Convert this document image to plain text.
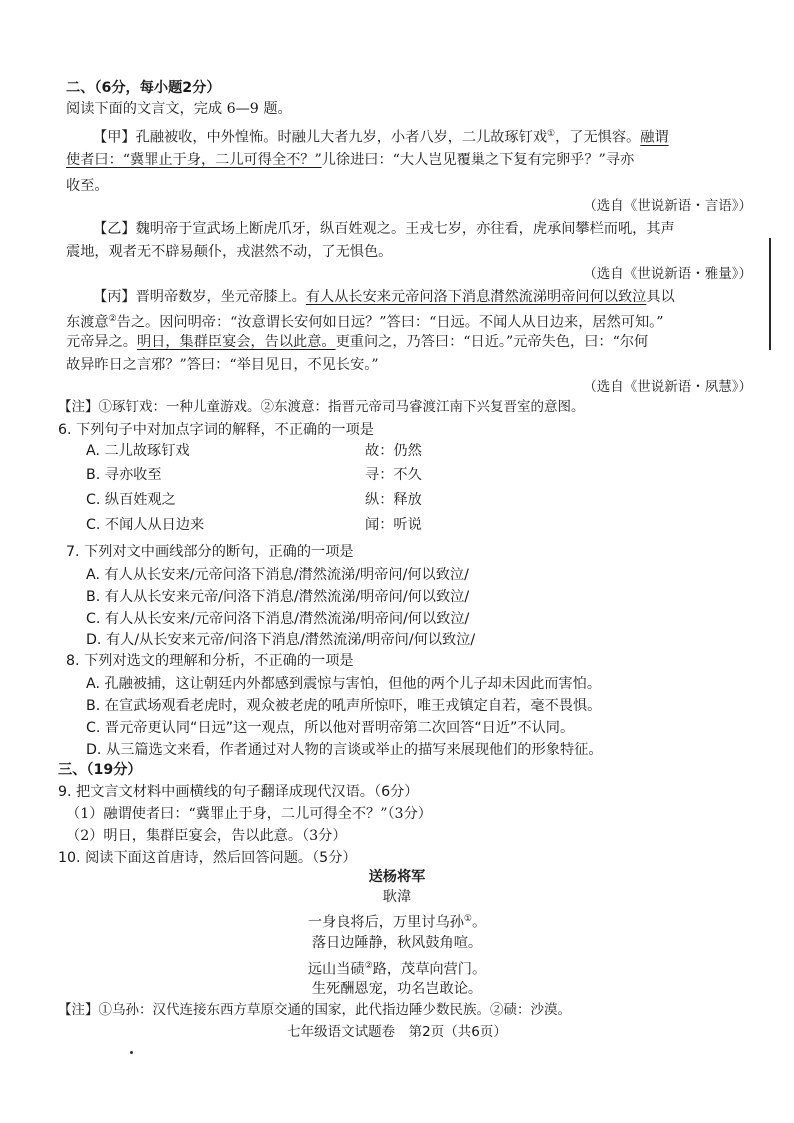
二、（6分，每小题2分）
阅读下面的文言文，完成 6—9 题。
【甲】孔融被收，中外惶怖。时融儿大者九岁，小者八岁，二儿故琢钉戏①，了无惧容。融谓
使者曰：“冀罪止于身，二儿可得全不？”儿徐进曰：“大人岂见覆巢之下复有完卵乎？”寻亦
收至。
（选自《世说新语・言语》）
【乙】魏明帝于宣武场上断虎爪牙，纵百姓观之。王戎七岁，亦往看，虎承间攀栏而吼，其声
震地，观者无不辟易颠仆，戎湛然不动，了无惧色。
（选自《世说新语・雅量》）
【丙】晋明帝数岁，坐元帝膝上。有人从长安来元帝问洛下消息潸然流涕明帝问何以致泣具以
东渡意②告之。因问明帝：“汝意谓长安何如日远？”答曰：“日远。不闻人从日边来，居然可知。”
元帝异之。明日，集群臣宴会，告以此意。更重问之，乃答曰：“日近。”元帝失色，曰：“尔何
故异昨日之言邪？”答曰：“举目见日，不见长安。”
（选自《世说新语・夙慧》）
【注】①琢钉戏：一种儿童游戏。②东渡意：指晋元帝司马睿渡江南下兴复晋室的意图。
6. 下列句子中对加点字词的解释，不正确的一项是
A. 二儿故琢钉戏	故：仍然
B. 寻亦收至	寻：不久
C. 纵百姓观之	纵：释放
C. 不闻人从日边来	闻：听说
7. 下列对文中画线部分的断句，正确的一项是
A. 有人从长安来/元帝问洛下消息/潸然流涕/明帝问/何以致泣/
B. 有人从长安来元帝/问洛下消息/潸然流涕/明帝问/何以致泣/
C. 有人从长安来/元帝问洛下消息/潸然流涕/明帝问/何以致泣/
D. 有人/从长安来元帝/问洛下消息/潸然流涕/明帝问/何以致泣/
8. 下列对选文的理解和分析，不正确的一项是
A. 孔融被捕，这让朝廷内外都感到震惊与害怕，但他的两个儿子却未因此而害怕。
B. 在宣武场观看老虎时，观众被老虎的吼声所惊吓，唯王戎镇定自若，毫不畏惧。
C. 晋元帝更认同“日远”这一观点，所以他对晋明帝第二次回答“日近”不认同。
D. 从三篇选文来看，作者通过对人物的言谈或举止的描写来展现他们的形象特征。
三、（19分）
9. 把文言文材料中画横线的句子翻译成现代汉语。（6分）
（1）融谓使者曰：“冀罪止于身，二儿可得全不？”（3分）
（2）明日，集群臣宴会，告以此意。（3分）
10. 阅读下面这首唐诗，然后回答问题。（5分）
送杨将军
耿湋
一身良将后，万里讨乌孙①。
落日边陲静，秋风鼓角喧。
远山当碛②路，茂草向营门。
生死酬恩宠，功名岂敢论。
【注】①乌孙：汉代连接东西方草原交通的国家，此代指边陲少数民族。②碛：沙漠。
七年级语文试题卷　第2页（共6页）
